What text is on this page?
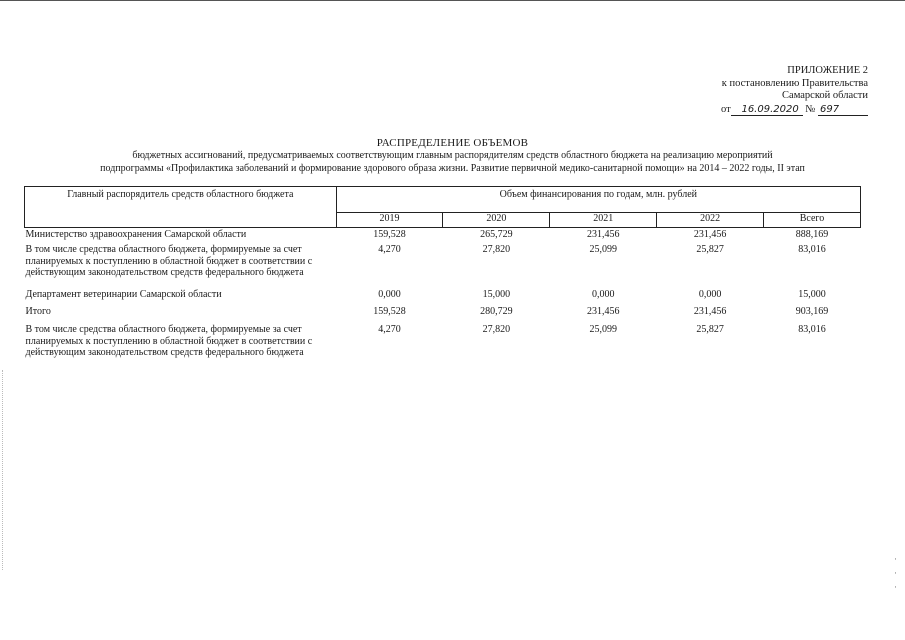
ПРИЛОЖЕНИЕ 2
к постановлению Правительства
Самарской области
от 16.09.2020 № 697
РАСПРЕДЕЛЕНИЕ ОБЪЕМОВ
бюджетных ассигнований, предусматриваемых соответствующим главным распорядителям средств областного бюджета на реализацию мероприятий
подпрограммы «Профилактика заболеваний и формирование здорового образа жизни. Развитие первичной медико-санитарной помощи» на 2014 – 2022 годы, II этап
Главный распорядитель средств областного бюджета	Объем финансирования по годам, млн. рублей				
	2019	2020	2021	2022	Всего
Министерство здравоохранения Самарской области	159,528	265,729	231,456	231,456	888,169
В том числе средства областного бюджета, формируемые за счет планируемых к поступлению в областной бюджет в соответствии с действующим законодательством средств федерального бюджета	4,270	27,820	25,099	25,827	83,016
Департамент ветеринарии Самарской области	0,000	15,000	0,000	0,000	15,000
Итого	159,528	280,729	231,456	231,456	903,169
В том числе средства областного бюджета, формируемые за счет планируемых к поступлению в областной бюджет в соответствии с действующим законодательством средств федерального бюджета	4,270	27,820	25,099	25,827	83,016
·
·
·
